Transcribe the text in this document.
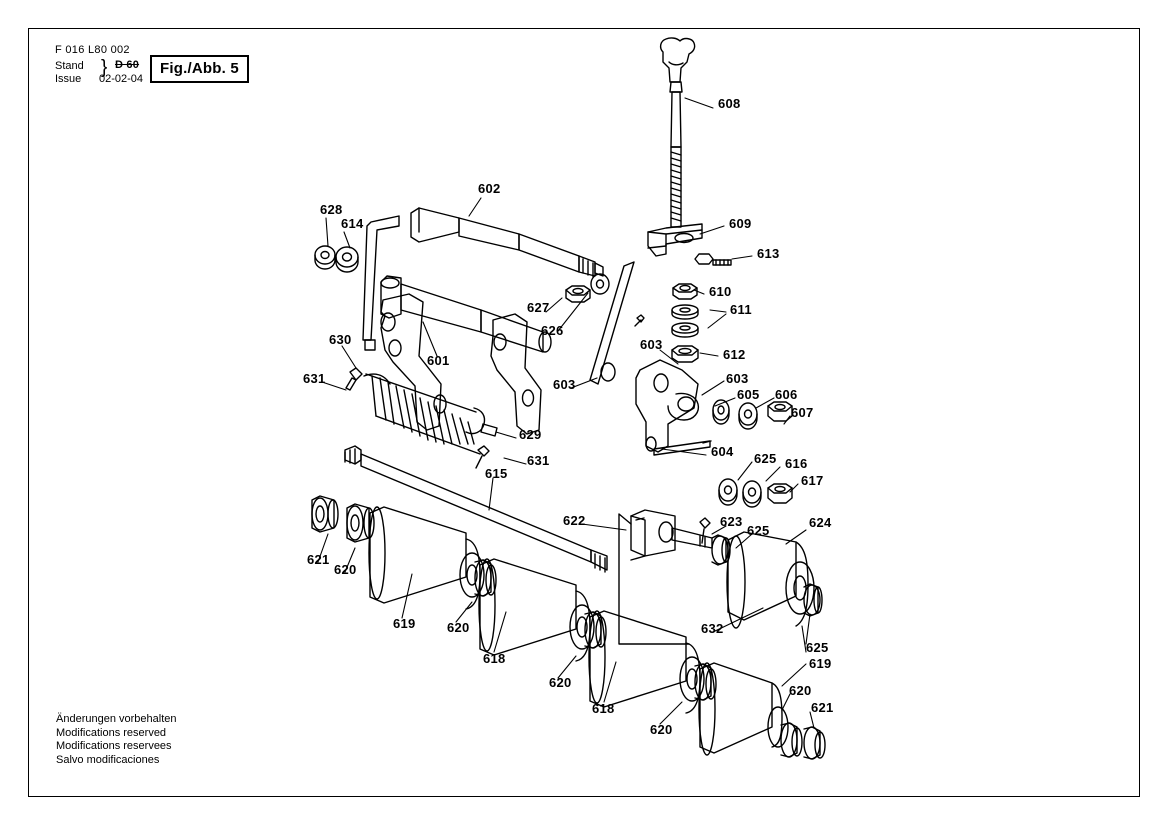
F 016 L80 002

Stand

Issue

}

D 60

02-02-04

Fig./Abb. 5
601
602
603
603
603
604
605 606
607
608
609
610
611
612
613
614
615
616
617
618
618
619
619
620
620
620
620
620
621
621
622	623	624
625
625
625
626
627
628
629
630
631
631
632
Änderungen vorbehalten
Modifications reserved
Modifications reservees
Salvo modificaciones
